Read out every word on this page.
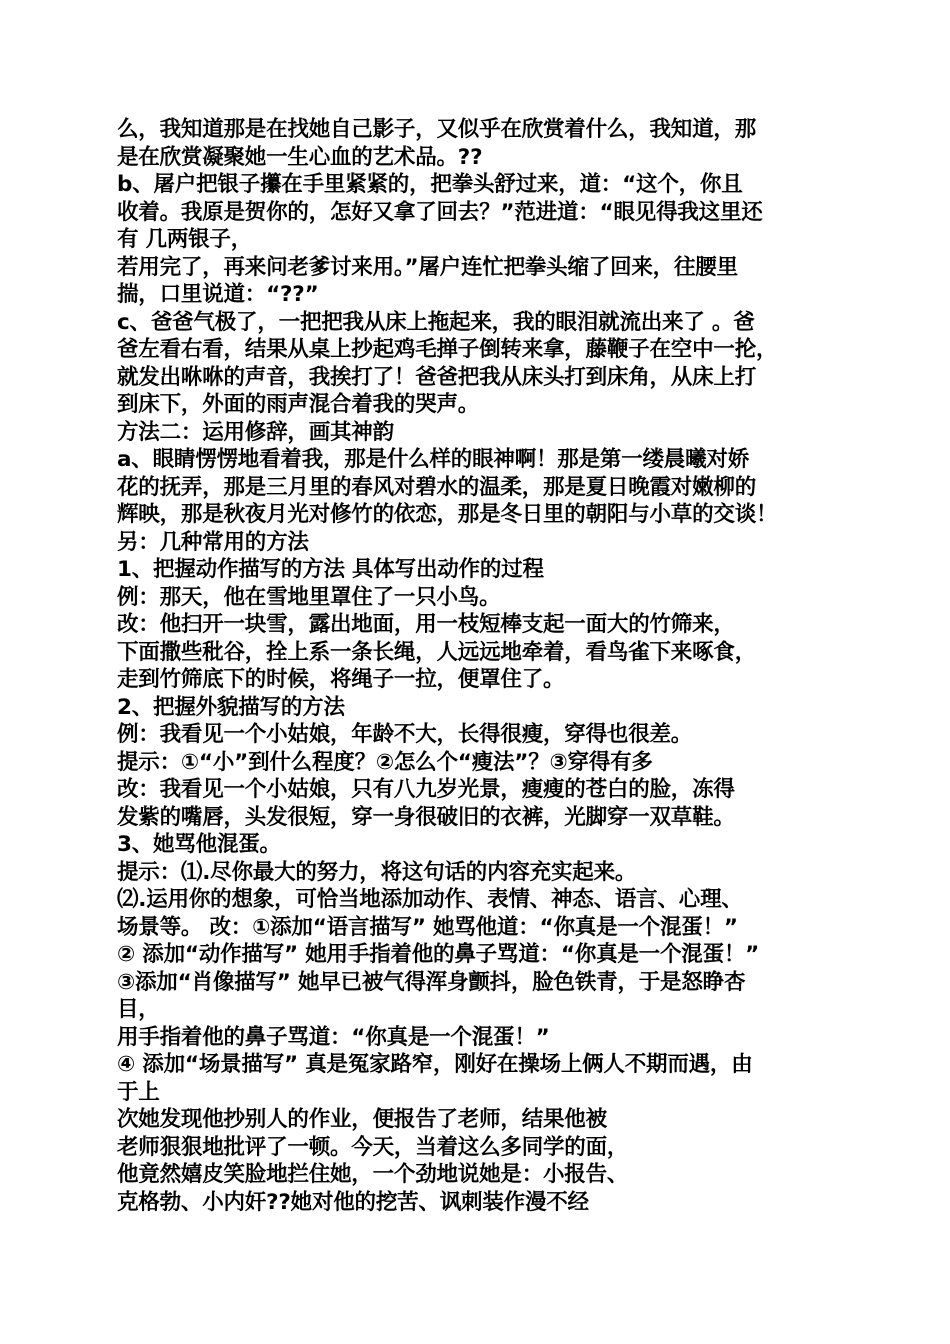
么，我知道那是在找她自己影子，又似乎在欣赏着什么，我知道，那
是在欣赏凝聚她一生心血的艺术品。??
b、屠户把银子攥在手里紧紧的，把拳头舒过来，道：“这个，你且
收着。我原是贺你的，怎好又拿了回去？”范进道：“眼见得我这里还
有 几两银子，
若用完了，再来问老爹讨来用。”屠户连忙把拳头缩了回来，往腰里
揣，口里说道：“??”
c、爸爸气极了，一把把我从床上拖起来，我的眼泪就流出来了 。爸
爸左看右看，结果从桌上抄起鸡毛掸子倒转来拿，藤鞭子在空中一抡，
就发出咻咻的声音，我挨打了！爸爸把我从床头打到床角，从床上打
到床下，外面的雨声混合着我的哭声。
方法二：运用修辞，画其神韵
a、眼睛愣愣地看着我，那是什么样的眼神啊！那是第一缕晨曦对娇
花的抚弄，那是三月里的春风对碧水的温柔，那是夏日晚霞对嫩柳的
辉映，那是秋夜月光对修竹的依恋，那是冬日里的朝阳与小草的交谈！
另：几种常用的方法
1、把握动作描写的方法 具体写出动作的过程
例：那天，他在雪地里罩住了一只小鸟。
改：他扫开一块雪，露出地面，用一枝短棒支起一面大的竹筛来，
下面撒些秕谷，拴上系一条长绳，人远远地牵着，看鸟雀下来啄食，
走到竹筛底下的时候，将绳子一拉，便罩住了。
2、把握外貌描写的方法
例：我看见一个小姑娘，年龄不大，长得很瘦，穿得也很差。
提示：①“小”到什么程度？②怎么个“瘦法”？③穿得有多
改：我看见一个小姑娘，只有八九岁光景，瘦瘦的苍白的脸，冻得
发紫的嘴唇，头发很短，穿一身很破旧的衣裤，光脚穿一双草鞋。
3、她骂他混蛋。
提示：⑴.尽你最大的努力，将这句话的内容充实起来。
⑵.运用你的想象，可恰当地添加动作、表情、神态、语言、心理、
场景等。 改：①添加“语言描写” 她骂他道：“你真是一个混蛋！”
② 添加“动作描写” 她用手指着他的鼻子骂道：“你真是一个混蛋！”
③添加“肖像描写” 她早已被气得浑身颤抖，脸色铁青，于是怒睁杏
目，
用手指着他的鼻子骂道：“你真是一个混蛋！”
④ 添加“场景描写” 真是冤家路窄，刚好在操场上俩人不期而遇，由
于上
次她发现他抄别人的作业，便报告了老师，结果他被
老师狠狠地批评了一顿。今天，当着这么多同学的面，
他竟然嬉皮笑脸地拦住她，一个劲地说她是：小报告、
克格勃、小内奸??她对他的挖苦、讽刺装作漫不经
